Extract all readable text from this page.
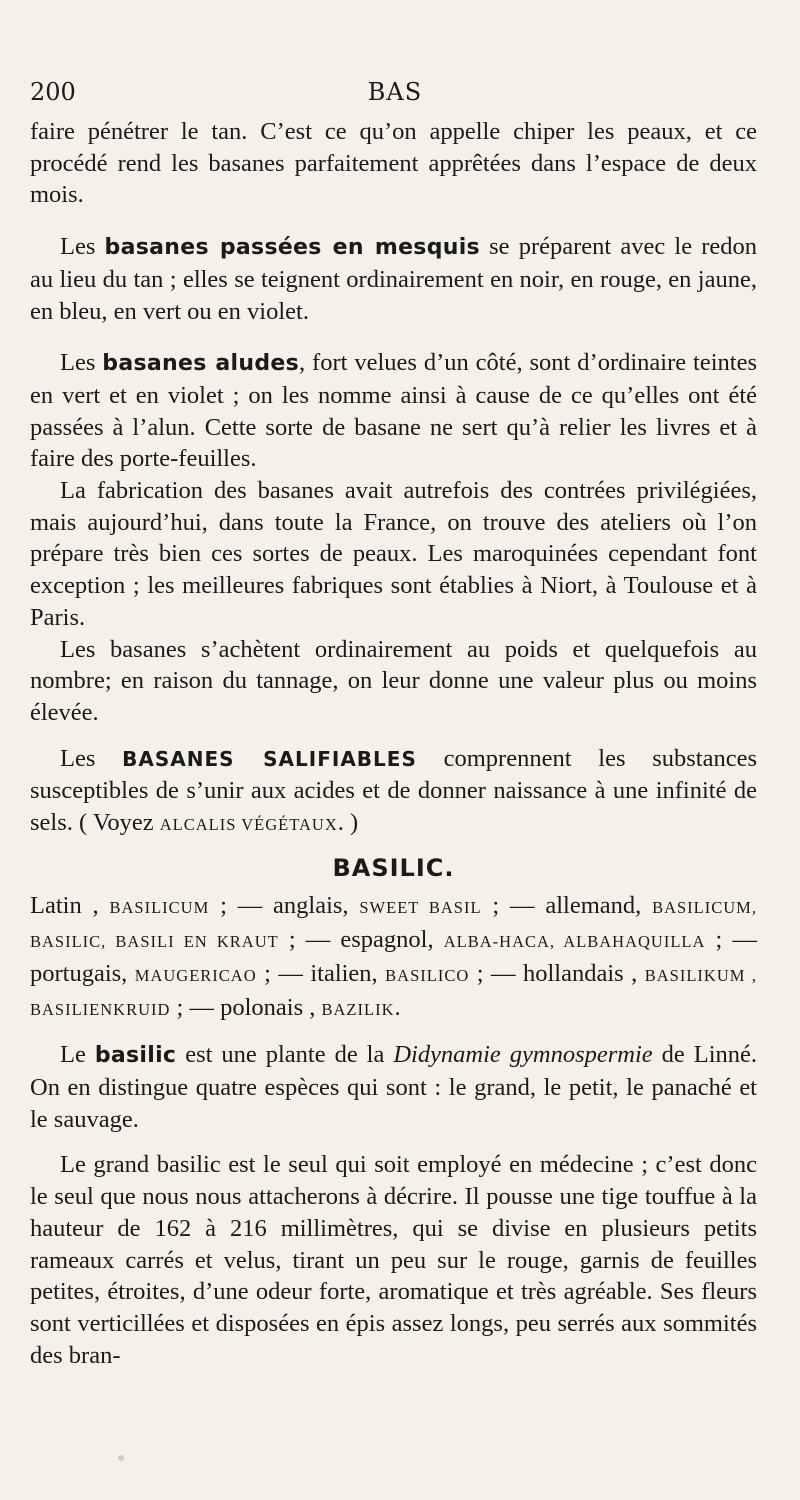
200	BAS

faire pénétrer le tan. C’est ce qu’on appelle chiper les peaux, et ce procédé rend les basanes parfaitement apprêtées dans l’espace de deux mois.

Les basanes passées en mesquis se préparent avec le redon au lieu du tan ; elles se teignent ordinairement en noir, en rouge, en jaune, en bleu, en vert ou en violet.

Les basanes aludes, fort velues d’un côté, sont d’ordinaire teintes en vert et en violet ; on les nomme ainsi à cause de ce qu’elles ont été passées à l’alun. Cette sorte de basane ne sert qu’à relier les livres et à faire des porte-feuilles.

La fabrication des basanes avait autrefois des contrées privilégiées, mais aujourd’hui, dans toute la France, on trouve des ateliers où l’on prépare très bien ces sortes de peaux. Les maroquinées cependant font exception ; les meilleures fabriques sont établies à Niort, à Toulouse et à Paris.

Les basanes s’achètent ordinairement au poids et quelquefois au nombre; en raison du tannage, on leur donne une valeur plus ou moins élevée.

Les BASANES SALIFIABLES comprennent les substances susceptibles de s’unir aux acides et de donner naissance à une infinité de sels. ( Voyez ALCALIS VÉGÉTAUX. )

BASILIC.

Latin , BASILICUM ; — anglais, SWEET BASIL ; — allemand, BASILICUM, BASILIC, BASILI EN KRAUT ; — espagnol, ALBA-HACA, ALBAHAQUILLA ; — portugais, MAUGERICAO ; — italien, BASILICO ; — hollandais , BASILIKUM , BASILIENKRUID ; — polonais , BAZILIK.

Le basilic est une plante de la Didynamie gymnospermie de Linné. On en distingue quatre espèces qui sont : le grand, le petit, le panaché et le sauvage.

Le grand basilic est le seul qui soit employé en médecine ; c’est donc le seul que nous nous attacherons à décrire. Il pousse une tige touffue à la hauteur de 162 à 216 millimètres, qui se divise en plusieurs petits rameaux carrés et velus, tirant un peu sur le rouge, garnis de feuilles petites, étroites, d’une odeur forte, aromatique et très agréable. Ses fleurs sont verticillées et disposées en épis assez longs, peu serrés aux sommités des bran-
